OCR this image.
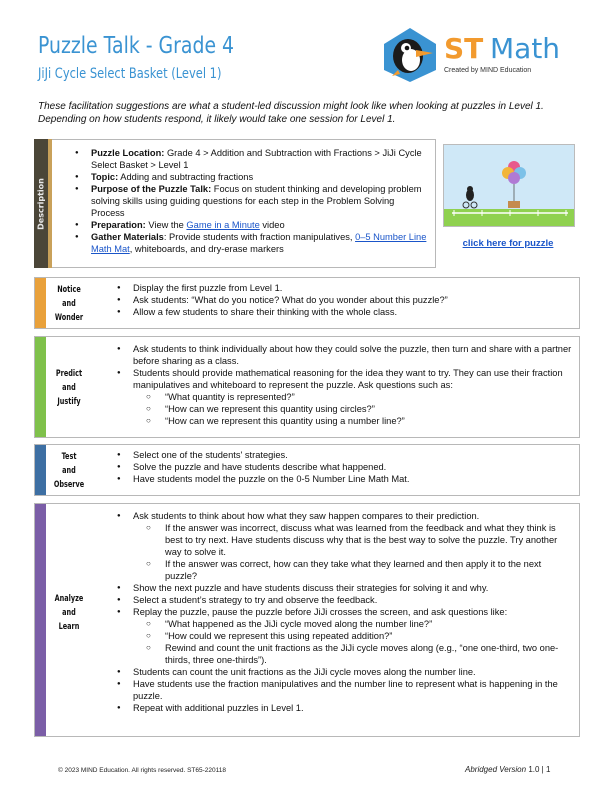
Puzzle Talk - Grade 4
JiJi Cycle Select Basket (Level 1)
ST Math
Created by MIND Education
These facilitation suggestions are what a student-led discussion might look like when looking at puzzles in Level 1. Depending on how students respond, it likely would take one session for Level 1.
Description
● Puzzle Location: Grade 4 > Addition and Subtraction with Fractions > JiJi Cycle Select Basket > Level 1
● Topic: Adding and subtracting fractions
● Purpose of the Puzzle Talk: Focus on student thinking and developing problem solving skills using guiding questions for each step in the Problem Solving Process
● Preparation: View the Game in a Minute video
● Gather Materials: Provide students with fraction manipulatives, 0–5 Number Line Math Mat, whiteboards, and dry-erase markers	click here for puzzle
Notice
and
Wonder
● Display the first puzzle from Level 1.
● Ask students: “What do you notice? What do you wonder about this puzzle?”
● Allow a few students to share their thinking with the whole class.
Predict
and
Justify
● Ask students to think individually about how they could solve the puzzle, then turn and share with a partner before sharing as a class.
● Students should provide mathematical reasoning for the idea they want to try. They can use their fraction manipulatives and whiteboard to represent the puzzle. Ask questions such as:
○ “What quantity is represented?”
○ “How can we represent this quantity using circles?”
○ “How can we represent this quantity using a number line?”
Test
and
Observe
● Select one of the students' strategies.
● Solve the puzzle and have students describe what happened.
● Have students model the puzzle on the 0-5 Number Line Math Mat.
Analyze
and
Learn
● Ask students to think about how what they saw happen compares to their prediction.
○ If the answer was incorrect, discuss what was learned from the feedback and what they think is best to try next. Have students discuss why that is the best way to solve the puzzle. Try another way to solve it.
○ If the answer was correct, how can they take what they learned and then apply it to the next puzzle?
● Show the next puzzle and have students discuss their strategies for solving it and why.
● Select a student’s strategy to try and observe the feedback.
● Replay the puzzle, pause the puzzle before JiJi crosses the screen, and ask questions like:
○ “What happened as the JiJi cycle moved along the number line?”
○ “How could we represent this using repeated addition?”
○ Rewind and count the unit fractions as the JiJi cycle moves along (e.g., “one one-third, two one-thirds, three one-thirds”).
● Students can count the unit fractions as the JiJi cycle moves along the number line.
● Have students use the fraction manipulatives and the number line to represent what is happening in the puzzle.
● Repeat with additional puzzles in Level 1.
© 2023 MIND Education. All rights reserved. ST65-220118	Abridged Version 1.0 | 1
